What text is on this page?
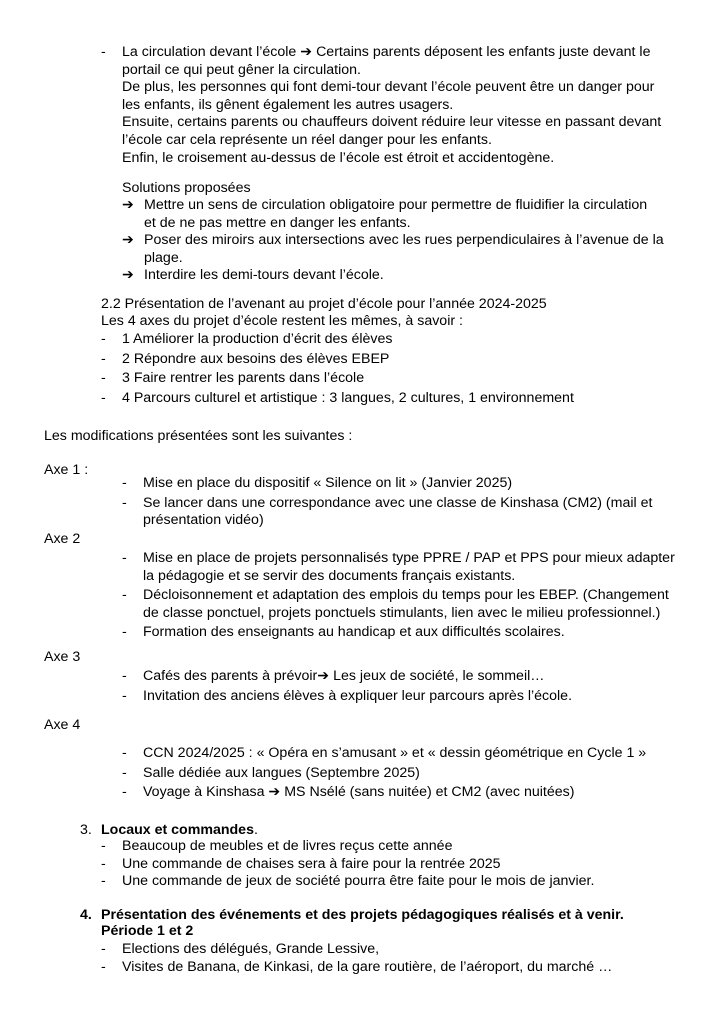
- La circulation devant l’école ➔ Certains parents déposent les enfants juste devant le
portail ce qui peut gêner la circulation.
De plus, les personnes qui font demi-tour devant l’école peuvent être un danger pour
les enfants, ils gênent également les autres usagers.
Ensuite, certains parents ou chauffeurs doivent réduire leur vitesse en passant devant
l’école car cela représente un réel danger pour les enfants.
Enfin, le croisement au-dessus de l’école est étroit et accidentogène.
Solutions proposées
➔ Mettre un sens de circulation obligatoire pour permettre de fluidifier la circulation
et de ne pas mettre en danger les enfants.
➔ Poser des miroirs aux intersections avec les rues perpendiculaires à l’avenue de la
plage.
➔ Interdire les demi-tours devant l’école.
2.2 Présentation de l’avenant au projet d’école pour l’année 2024-2025
Les 4 axes du projet d’école restent les mêmes, à savoir :
- 1 Améliorer la production d’écrit des élèves
- 2 Répondre aux besoins des élèves EBEP
- 3 Faire rentrer les parents dans l’école
- 4 Parcours culturel et artistique : 3 langues, 2 cultures, 1 environnement
Les modifications présentées sont les suivantes :
Axe 1 :
- Mise en place du dispositif « Silence on lit » (Janvier 2025)
- Se lancer dans une correspondance avec une classe de Kinshasa (CM2) (mail et
présentation vidéo)
Axe 2
- Mise en place de projets personnalisés type PPRE / PAP et PPS pour mieux adapter
la pédagogie et se servir des documents français existants.
- Décloisonnement et adaptation des emplois du temps pour les EBEP. (Changement
de classe ponctuel, projets ponctuels stimulants, lien avec le milieu professionnel.)
- Formation des enseignants au handicap et aux difficultés scolaires.
Axe 3
- Cafés des parents à prévoir➔ Les jeux de société, le sommeil…
- Invitation des anciens élèves à expliquer leur parcours après l’école.
Axe 4
- CCN 2024/2025 : « Opéra en s’amusant » et « dessin géométrique en Cycle 1 »
- Salle dédiée aux langues (Septembre 2025)
- Voyage à Kinshasa ➔ MS Nsélé (sans nuitée) et CM2 (avec nuitées)
3. Locaux et commandes.
- Beaucoup de meubles et de livres reçus cette année
- Une commande de chaises sera à faire pour la rentrée 2025
- Une commande de jeux de société pourra être faite pour le mois de janvier.
4. Présentation des événements et des projets pédagogiques réalisés et à venir.
Période 1 et 2
- Elections des délégués, Grande Lessive,
- Visites de Banana, de Kinkasi, de la gare routière, de l’aéroport, du marché …
